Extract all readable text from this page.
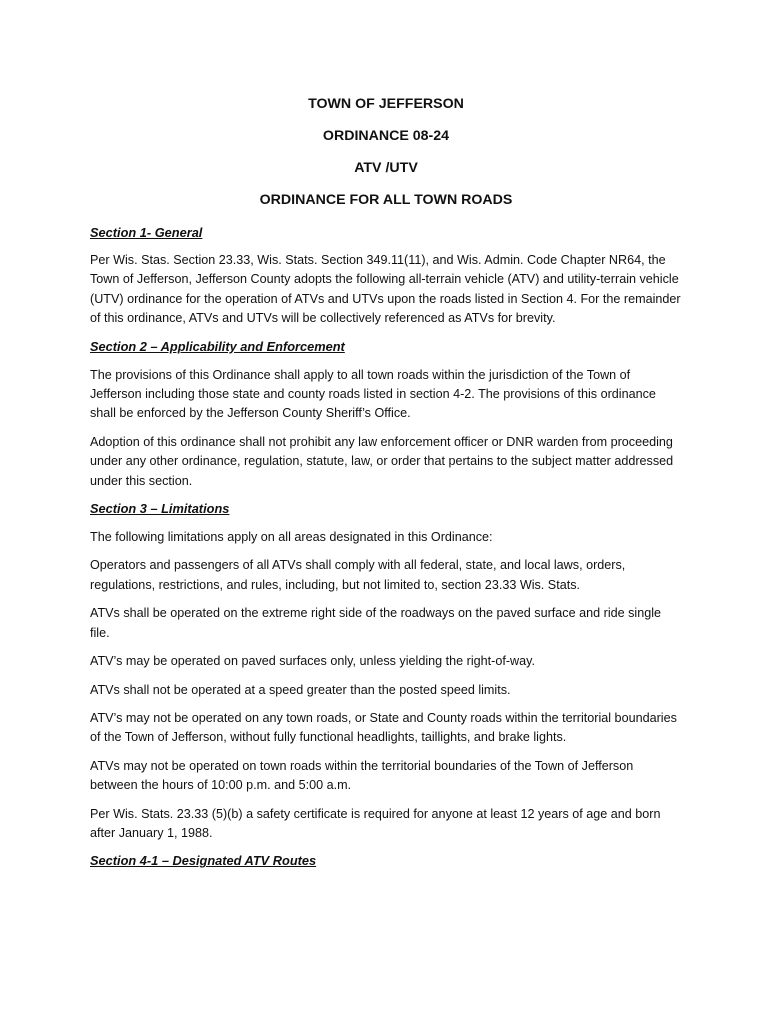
TOWN OF JEFFERSON

ORDINANCE 08-24

ATV /UTV

ORDINANCE FOR ALL TOWN ROADS

Section 1- General

Per Wis. Stas. Section 23.33, Wis. Stats. Section 349.11(11), and Wis. Admin. Code Chapter NR64, the Town of Jefferson, Jefferson County adopts the following all-terrain vehicle (ATV) and utility-terrain vehicle (UTV) ordinance for the operation of ATVs and UTVs upon the roads listed in Section 4. For the remainder of this ordinance, ATVs and UTVs will be collectively referenced as ATVs for brevity.

Section 2 – Applicability and Enforcement

The provisions of this Ordinance shall apply to all town roads within the jurisdiction of the Town of Jefferson including those state and county roads listed in section 4-2. The provisions of this ordinance shall be enforced by the Jefferson County Sheriff’s Office.

Adoption of this ordinance shall not prohibit any law enforcement officer or DNR warden from proceeding under any other ordinance, regulation, statute, law, or order that pertains to the subject matter addressed under this section.

Section 3 – Limitations

The following limitations apply on all areas designated in this Ordinance:

Operators and passengers of all ATVs shall comply with all federal, state, and local laws, orders, regulations, restrictions, and rules, including, but not limited to, section 23.33 Wis. Stats.

ATVs shall be operated on the extreme right side of the roadways on the paved surface and ride single file.

ATV’s may be operated on paved surfaces only, unless yielding the right-of-way.

ATVs shall not be operated at a speed greater than the posted speed limits.

ATV’s may not be operated on any town roads, or State and County roads within the territorial boundaries of the Town of Jefferson, without fully functional headlights, taillights, and brake lights.

ATVs may not be operated on town roads within the territorial boundaries of the Town of Jefferson between the hours of 10:00 p.m. and 5:00 a.m.

Per Wis. Stats. 23.33 (5)(b) a safety certificate is required for anyone at least 12 years of age and born after January 1, 1988.

Section 4-1 – Designated ATV Routes
